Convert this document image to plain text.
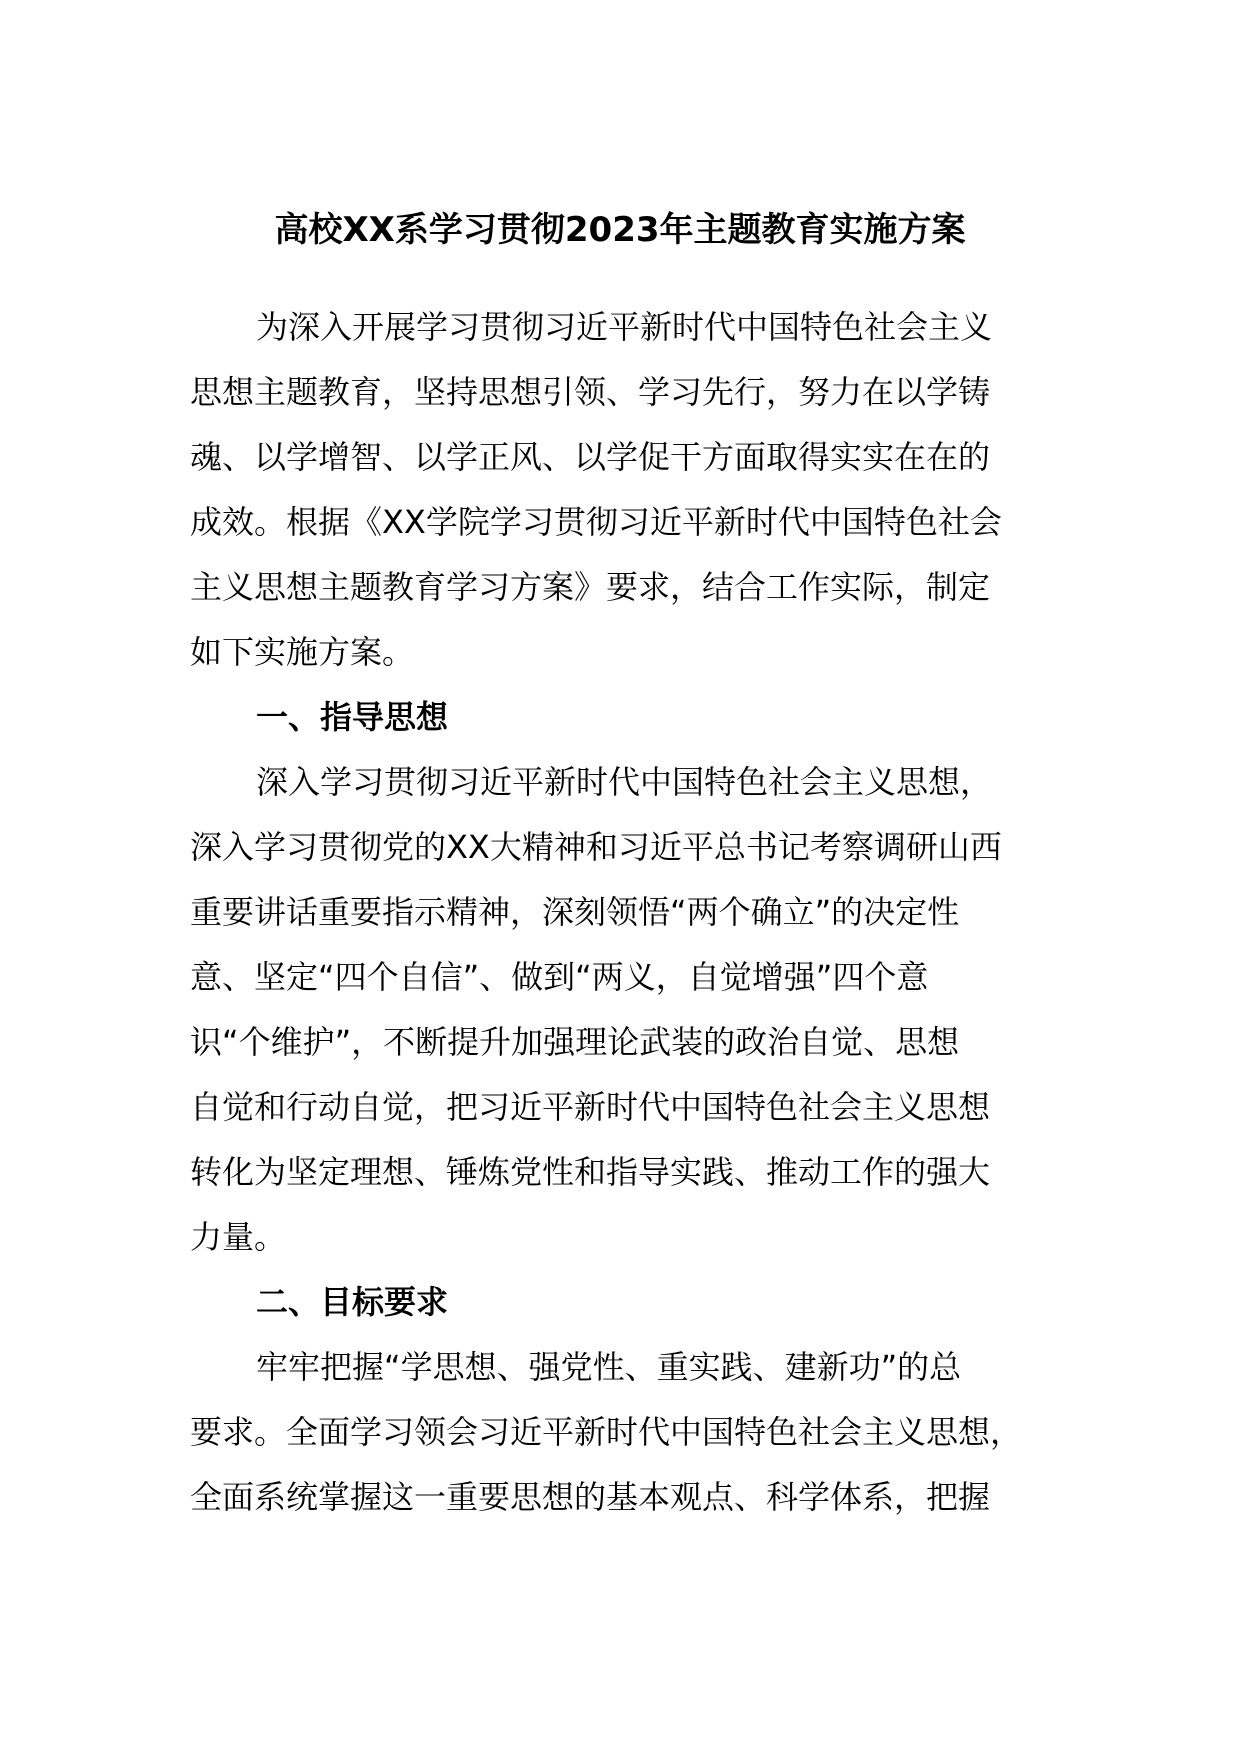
高校XX系学习贯彻2023年主题教育实施方案
为深入开展学习贯彻习近平新时代中国特色社会主义
思想主题教育，坚持思想引领、学习先行，努力在以学铸
魂、以学增智、以学正风、以学促干方面取得实实在在的
成效。根据《XX学院学习贯彻习近平新时代中国特色社会
主义思想主题教育学习方案》要求，结合工作实际，制定
如下实施方案。
一、指导思想
深入学习贯彻习近平新时代中国特色社会主义思想，
深入学习贯彻党的XX大精神和习近平总书记考察调研山西
重要讲话重要指示精神，深刻领悟“两个确立”的决定性
意、坚定“四个自信”、做到“两义，自觉增强”四个意
识“个维护”，不断提升加强理论武装的政治自觉、思想
自觉和行动自觉，把习近平新时代中国特色社会主义思想
转化为坚定理想、锤炼党性和指导实践、推动工作的强大
力量。
二、目标要求
牢牢把握“学思想、强党性、重实践、建新功”的总
要求。全面学习领会习近平新时代中国特色社会主义思想，
全面系统掌握这一重要思想的基本观点、科学体系，把握
